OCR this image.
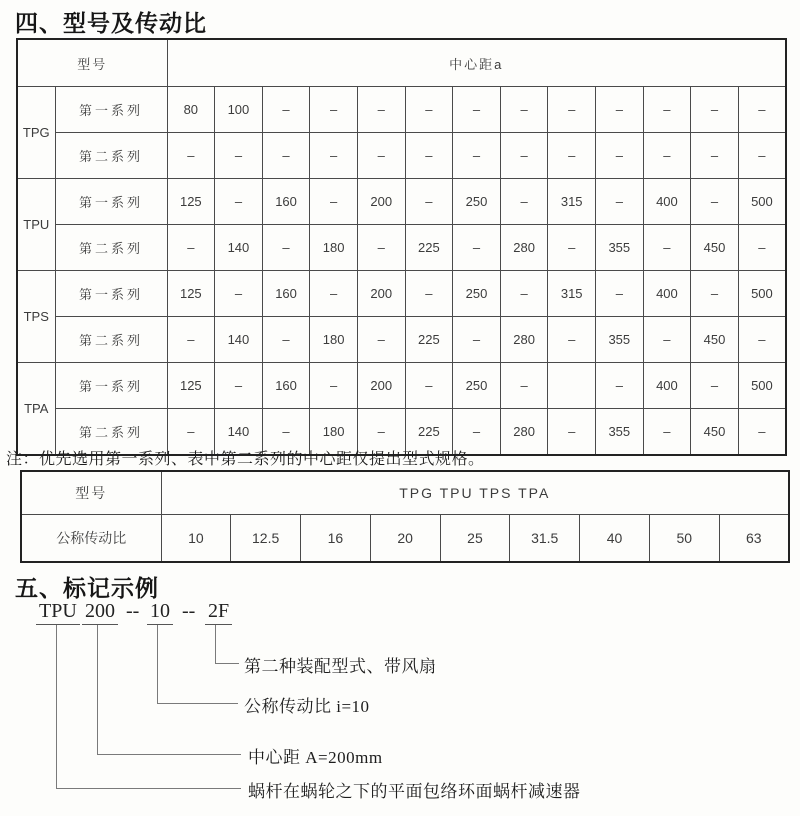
四、型号及传动比
型号		中心距a												
TPG	第一系列	80	100	–	–	–	–	–	–	–	–	–	–	–
	第二系列	–	–	–	–	–	–	–	–	–	–	–	–	–
TPU	第一系列	125	–	160	–	200	–	250	–	315	–	400	–	500
	第二系列	–	140	–	180	–	225	–	280	–	355	–	450	–
TPS	第一系列	125	–	160	–	200	–	250	–	315	–	400	–	500
	第二系列	–	140	–	180	–	225	–	280	–	355	–	450	–
TPA	第一系列	125	–	160	–	200	–	250	–		–	400	–	500
	第二系列	–	140	–	180	–	225	–	280	–	355	–	450	–
注：优先选用第一系列、表中第二系列的中心距仅提出型式规格。
型号	TPG TPU TPS TPA								
公称传动比	10	12.5	16	20	25	31.5	40	50	63
五、标记示例
TPU 200 -- 10 -- 2F
第二种装配型式、带风扇
公称传动比 i=10
中心距 A=200mm
蜗杆在蜗轮之下的平面包络环面蜗杆减速器
